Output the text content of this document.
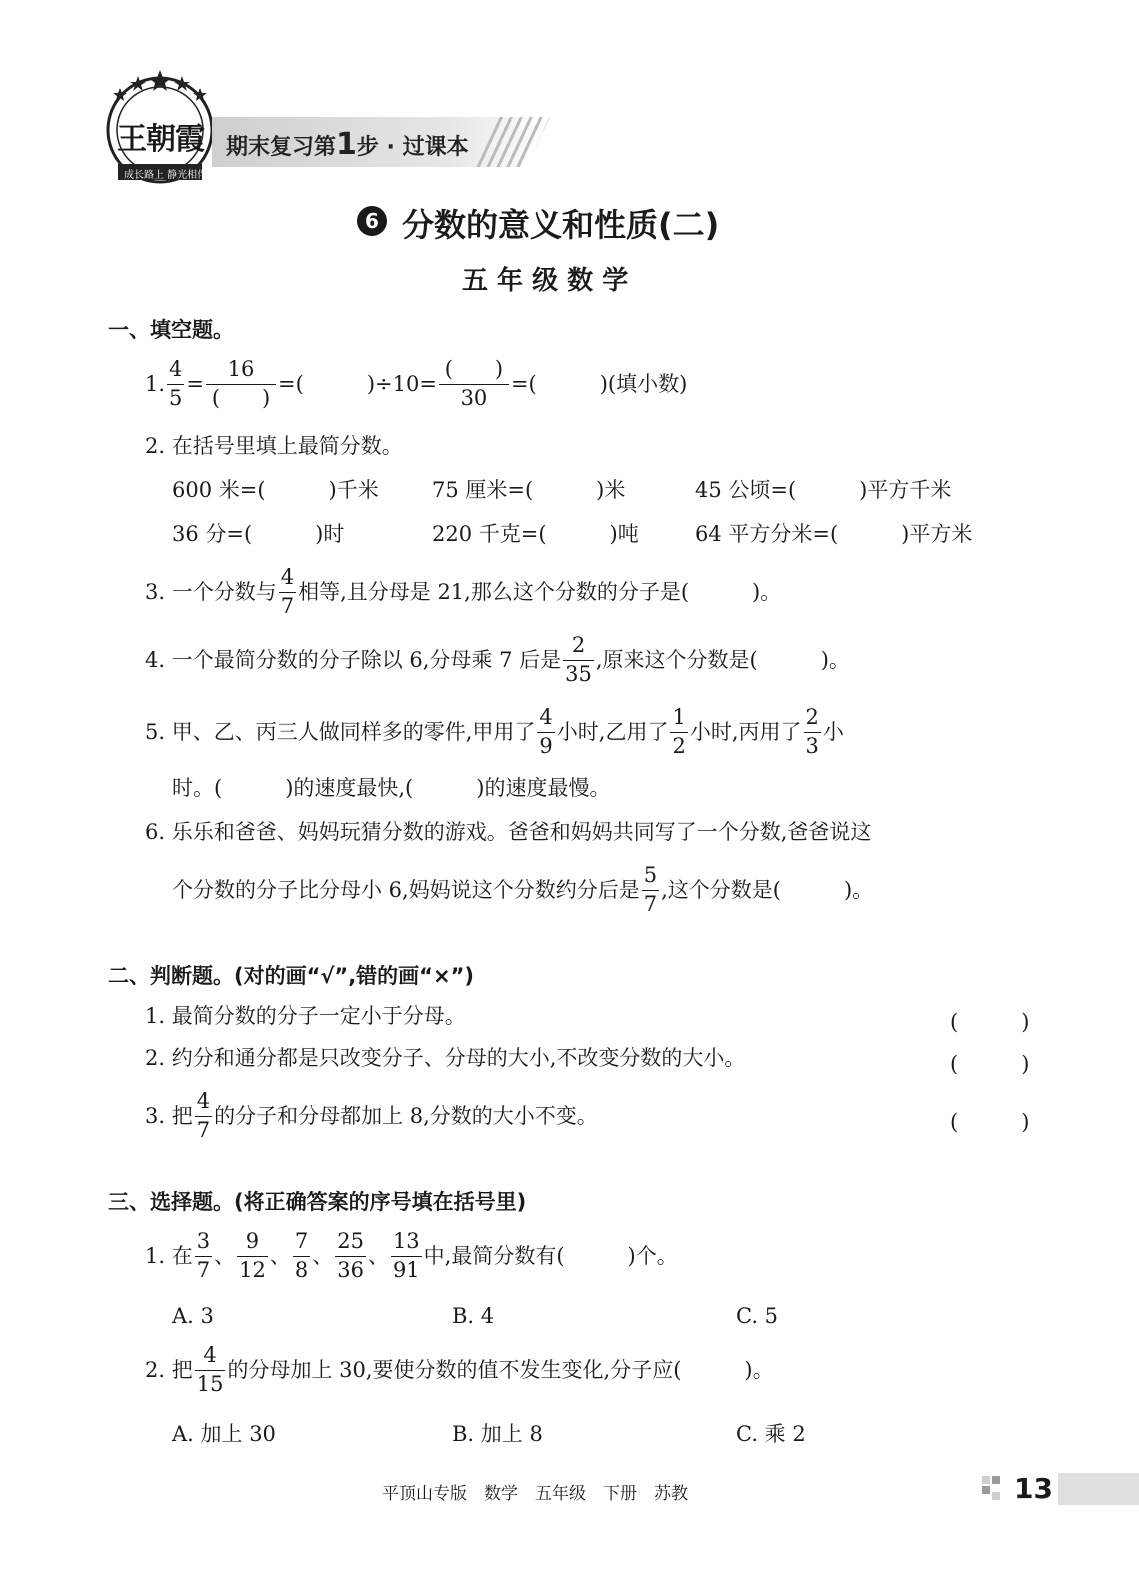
王朝霞
成长路上 静光相伴
期末复习第1步 · 过课本
6 分数的意义和性质(二)
五 年 级 数 学
一、填空题。
1. $\frac{4}{5} = \frac{16}{( )}$ =(　　　)$\div 10= \frac{( )}{30}$ =(　　　)(填小数)
2. 在括号里填上最简分数。
600 米=(　　　)千米	75 厘米=(　　　)米	45 公顷=(　　　)平方千米
36 分=(　　　)时	220 千克=(　　　)吨	64 平方分米=(　　　)平方米
3. 一个分数与 $\frac{4}{7}$ 相等,且分母是 21,那么这个分数的分子是(　　　)。
4. 一个最简分数的分子除以 6,分母乘 7 后是 $\frac{2}{35}$ ,原来这个分数是(　　　)。
5. 甲、乙、丙三人做同样多的零件,甲用了 $\frac{4}{9}$ 小时,乙用了 $\frac{1}{2}$ 小时,丙用了 $\frac{2}{3}$ 小
时。(　　　)的速度最快,(　　　)的速度最慢。
6. 乐乐和爸爸、妈妈玩猜分数的游戏。爸爸和妈妈共同写了一个分数,爸爸说这
个分数的分子比分母小 6,妈妈说这个分数约分后是 $\frac{5}{7}$ ,这个分数是(　　　)。
二、判断题。(对的画“√”,错的画“×”)
1. 最简分数的分子一定小于分母。	(　　　)
2. 约分和通分都是只改变分子、分母的大小,不改变分数的大小。	(　　　)
3. 把 $\frac{4}{7}$ 的分子和分母都加上 8,分数的大小不变。	(　　　)
三、选择题。(将正确答案的序号填在括号里)
1. 在 $\frac{3}{7}$ 、 $\frac{9}{12}$ 、 $\frac{7}{8}$ 、 $\frac{25}{36}$ 、 $\frac{13}{91}$ 中,最简分数有(　　　)个。
A. 3	B. 4	C. 5
2. 把 $\frac{4}{15}$ 的分母加上 30,要使分数的值不发生变化,分子应(　　　)。
A. 加上 30	B. 加上 8	C. 乘 2
平顶山专版　数学　五年级　下册　苏教	13
